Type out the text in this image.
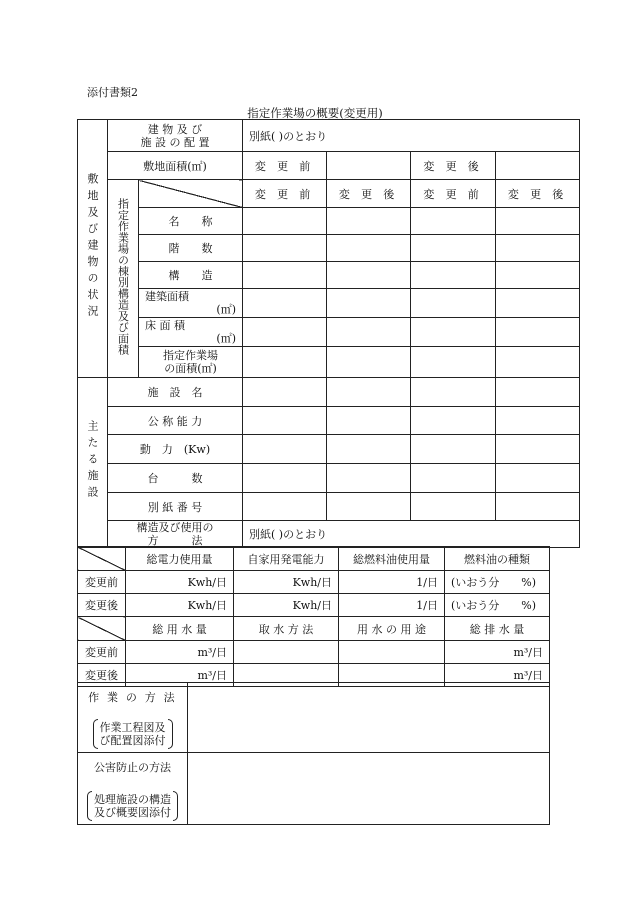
添付書類2
指定作業場の概要(変更用)
敷地及び建物の状況	建 物 及 び
施 設 の 配 置		別紙( )のとおり			
	敷地面積(㎡)		変 更 前		変 更 後	
	指定作業場の棟別構造及び面積		変 更 前	変 更 後	変 更 前	変 更 後
		名　　称				
		階　　数				
		構　　造				

		建築面積
(㎡)				

		床 面 積
(㎡)				

		指定作業場
の面積(㎡)				

主たる施設	施　設　名					
	公 称 能 力					
	動　力　(Kw)					
	台　　　数					
	別 紙 番 号					

	構造及び使用の
方　　　法		別紙( )のとおり			
	総電力使用量	自家用発電能力	総燃料油使用量	燃料油の種類
変更前	Kwh/日	Kwh/日	1/日	(いおう分　　%)
変更後	Kwh/日	Kwh/日	1/日	(いおう分　　%)
	総 用 水 量	取 水 方 法	用 水 の 用 途	総 排 水 量
変更前	m³/日			m³/日
変更後	m³/日			m³/日
作 業 の 方 法
作業工程図及
び配置図添付	

公害防止の方法
処理施設の構造
及び概要図添付	
